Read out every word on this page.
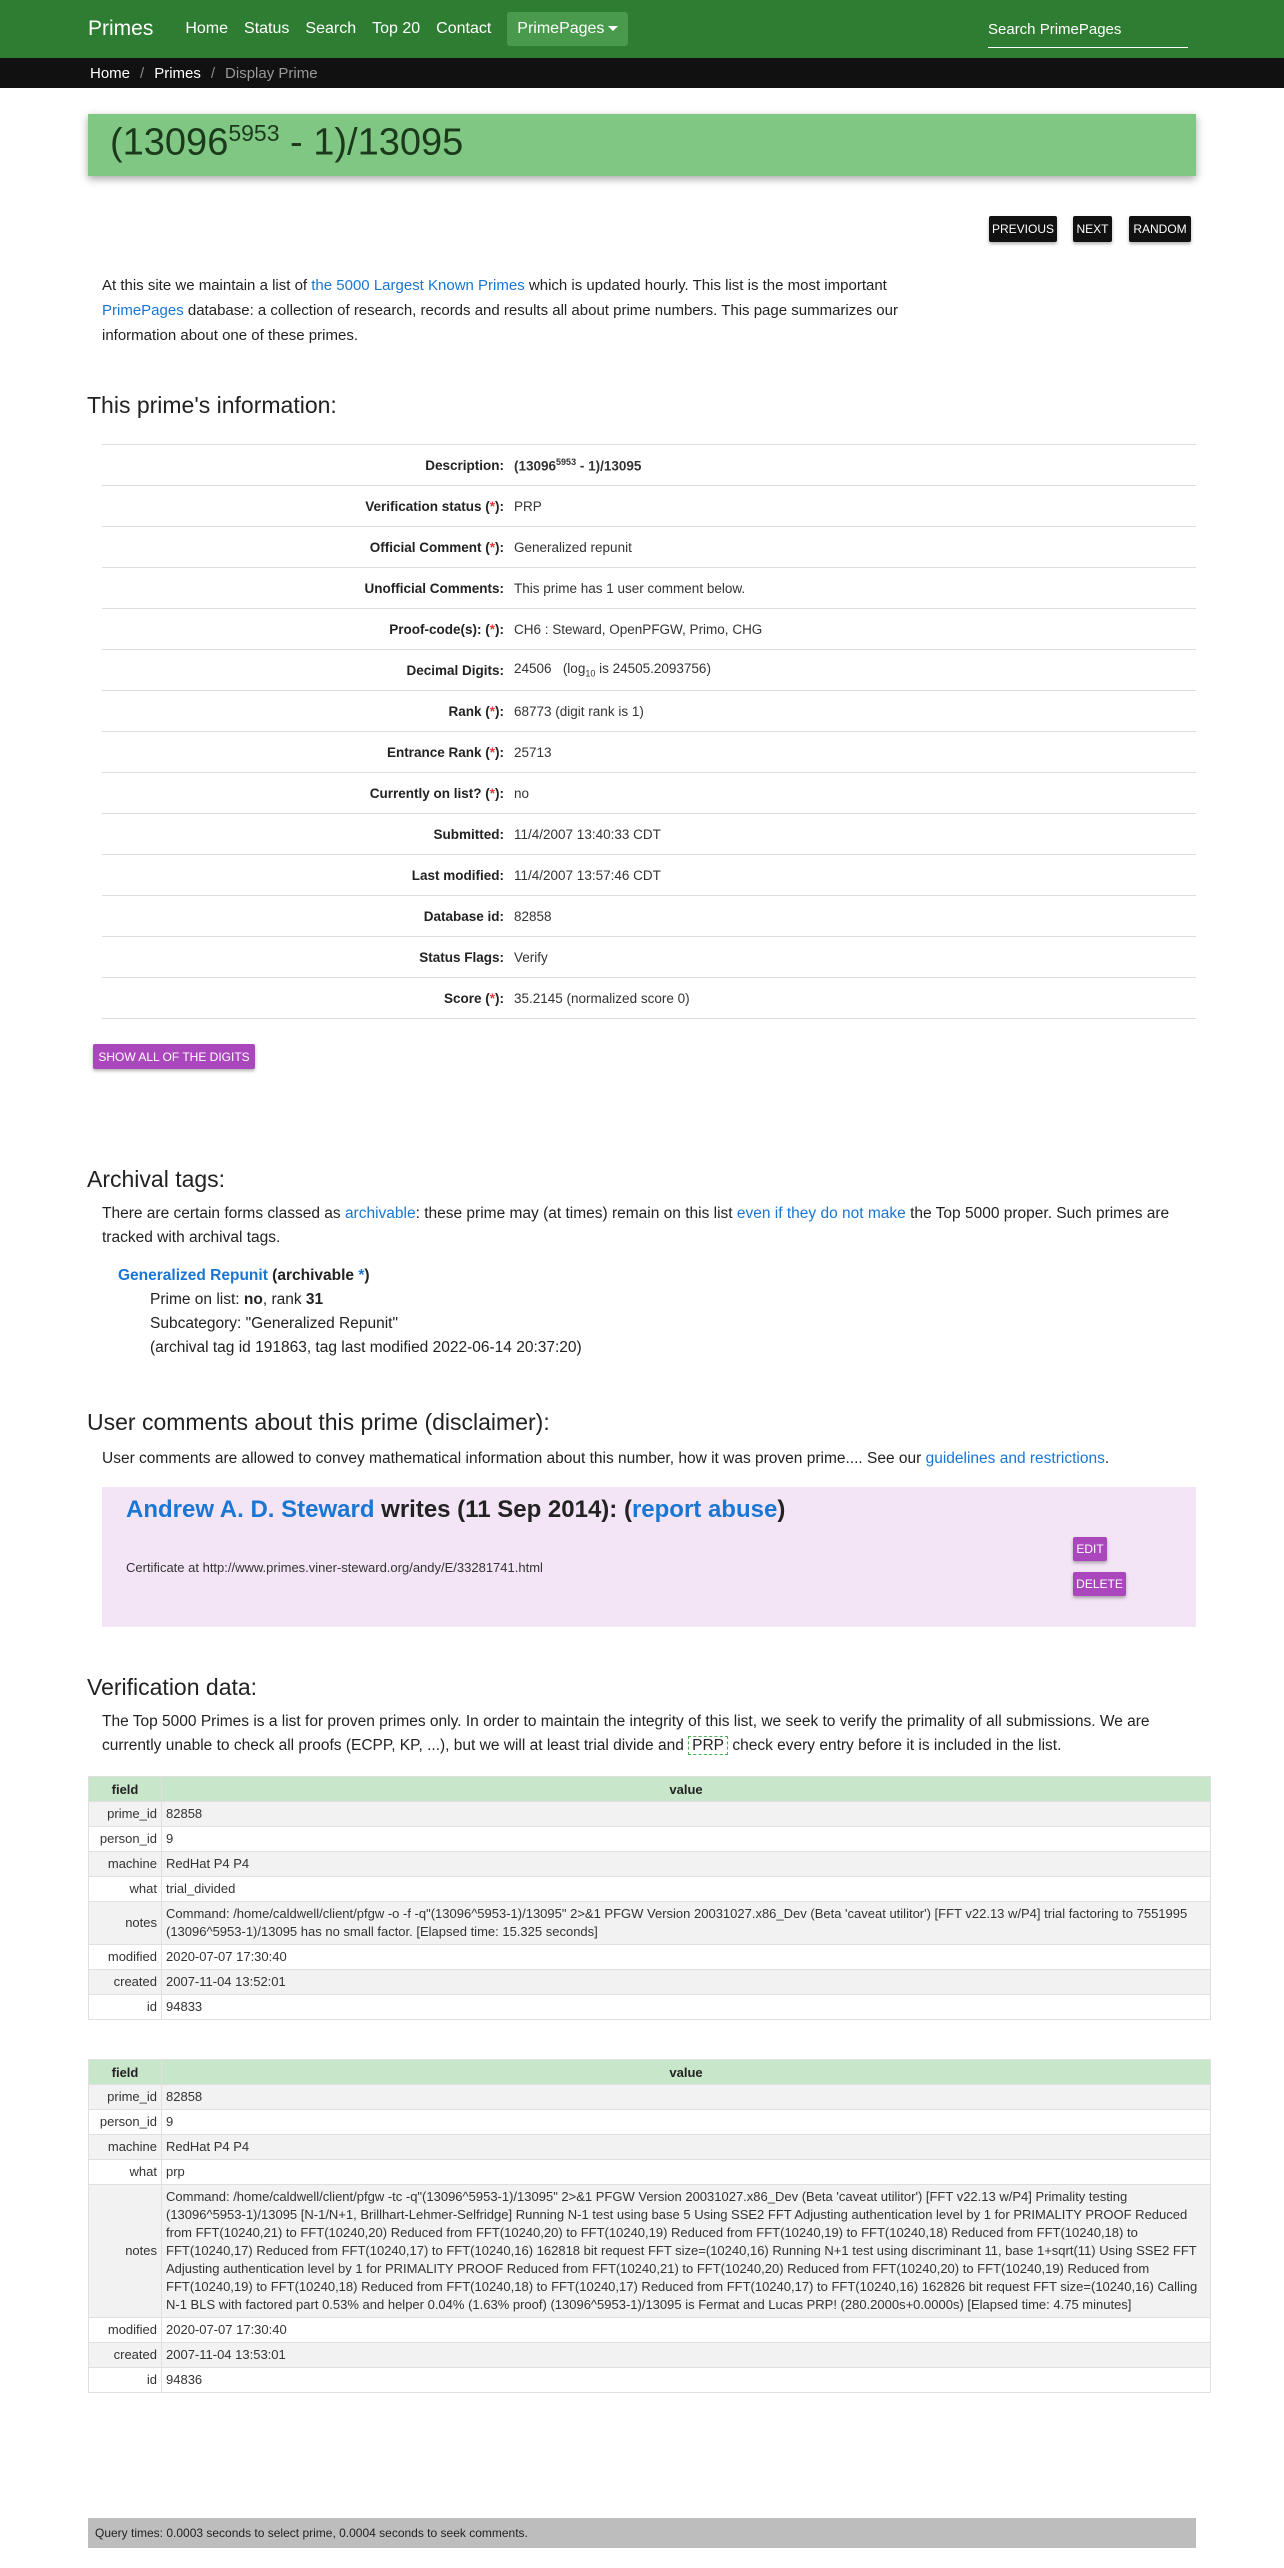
Primes Home Status Search Top 20 Contact	PrimePages	Search PrimePages
Home / Primes / Display Prime
$(13096^{5953} - 1)/13095$
PREVIOUS NEXT	RANDOM
At this site we maintain a list of the 5000 Largest Known Primes which is updated hourly. This list is the most important PrimePages database: a collection of research, records and results all about prime numbers. This page summarizes our information about one of these primes.
This prime's information:
Description: $(13096^{5953} - 1)/13095$
Verification status (*): PRP
Official Comment (*): Generalized repunit
Unofficial Comments: This prime has 1 user comment below.
Proof-code(s): (*): CH6 : Steward, OpenPFGW, Primo, CHG
Decimal Digits: 24506 ($\log_{10}$ is 24505.2093756)
Rank (*): 68773 (digit rank is 1)
Entrance Rank (*): 25713
Currently on list? (*): no
Submitted: 11/4/2007 13:40:33 CDT
Last modified: 11/4/2007 13:57:46 CDT
Database id: 82858
Status Flags: Verify
Score (*): 35.2145 (normalized score 0)
SHOW ALL OF THE DIGITS
Archival tags:
There are certain forms classed as archivable: these prime may (at times) remain on this list even if they do not make the Top 5000 proper. Such primes are tracked with archival tags.
Generalized Repunit (archivable *)
Prime on list: no, rank 31
Subcategory: "Generalized Repunit"
(archival tag id 191863, tag last modified 2022-06-14 20:37:20)
User comments about this prime (disclaimer):
User comments are allowed to convey mathematical information about this number, how it was proven prime.... See our guidelines and restrictions.
Andrew A. D. Steward writes (11 Sep 2014): (report abuse)
Certificate at http://www.primes.viner-steward.org/andy/E/33281741.html
EDIT
DELETE
Verification data:
The Top 5000 Primes is a list for proven primes only. In order to maintain the integrity of this list, we seek to verify the primality of all submissions. We are currently unable to check all proofs (ECPP, KP, ...), but we will at least trial divide and PRP check every entry before it is included in the list.
field	value
prime_id	82858
person_id	9
machine	RedHat P4 P4
what	trial_divided
notes	Command: /home/caldwell/client/pfgw -o -f -q"(13096^5953-1)/13095" 2>&1 PFGW Version 20031027.x86_Dev (Beta 'caveat utilitor') [FFT v22.13 w/P4] trial factoring to 7551995 (13096^5953-1)/13095 has no small factor. [Elapsed time: 15.325 seconds]
modified	2020-07-07 17:30:40
created	2007-11-04 13:52:01
id	94833
field	value
prime_id	82858
person_id	9
machine	RedHat P4 P4
what	prp
notes	Command: /home/caldwell/client/pfgw -tc -q"(13096^5953-1)/13095" 2>&1 PFGW Version 20031027.x86_Dev (Beta 'caveat utilitor') [FFT v22.13 w/P4] Primality testing (13096^5953-1)/13095 [N-1/N+1, Brillhart-Lehmer-Selfridge] Running N-1 test using base 5 Using SSE2 FFT Adjusting authentication level by 1 for PRIMALITY PROOF Reduced from FFT(10240,21) to FFT(10240,20) Reduced from FFT(10240,20) to FFT(10240,19) Reduced from FFT(10240,19) to FFT(10240,18) Reduced from FFT(10240,18) to FFT(10240,17) Reduced from FFT(10240,17) to FFT(10240,16) 162818 bit request FFT size=(10240,16) Running N+1 test using discriminant 11, base 1+sqrt(11) Using SSE2 FFT Adjusting authentication level by 1 for PRIMALITY PROOF Reduced from FFT(10240,21) to FFT(10240,20) Reduced from FFT(10240,20) to FFT(10240,19) Reduced from FFT(10240,19) to FFT(10240,18) Reduced from FFT(10240,18) to FFT(10240,17) Reduced from FFT(10240,17) to FFT(10240,16) 162826 bit request FFT size=(10240,16) Calling N-1 BLS with factored part 0.53% and helper 0.04% (1.63% proof) (13096^5953-1)/13095 is Fermat and Lucas PRP! (280.2000s+0.0000s) [Elapsed time: 4.75 minutes]
modified	2020-07-07 17:30:40
created	2007-11-04 13:53:01
id	94836
Query times: 0.0003 seconds to select prime, 0.0004 seconds to seek comments.
